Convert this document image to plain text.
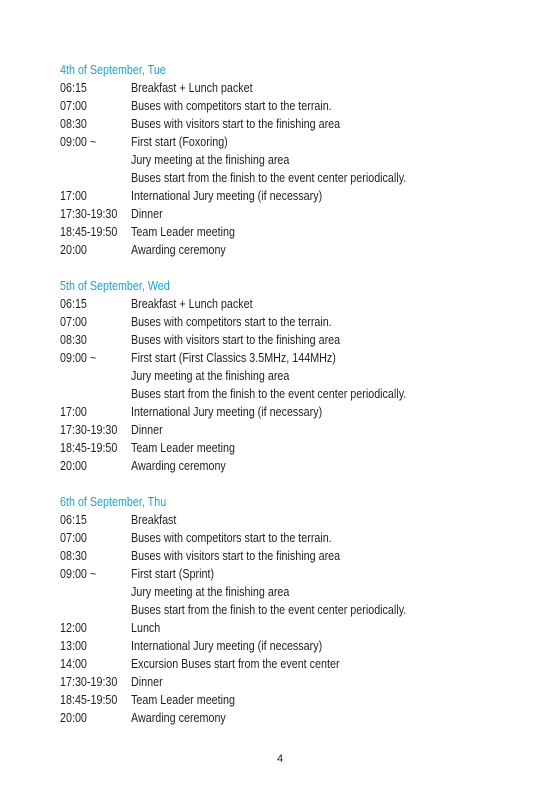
4th of September, Tue
06:15	Breakfast + Lunch packet
07:00	Buses with competitors start to the terrain.
08:30	Buses with visitors start to the finishing area
09:00 ~	First start (Foxoring)
Jury meeting at the finishing area
Buses start from the finish to the event center periodically.
17:00	International Jury meeting (if necessary)
17:30-19:30	Dinner
18:45-19:50	Team Leader meeting
20:00	Awarding ceremony
5th of September, Wed
06:15	Breakfast + Lunch packet
07:00	Buses with competitors start to the terrain.
08:30	Buses with visitors start to the finishing area
09:00 ~	First start (First Classics 3.5MHz, 144MHz)
Jury meeting at the finishing area
Buses start from the finish to the event center periodically.
17:00	International Jury meeting (if necessary)
17:30-19:30	Dinner
18:45-19:50	Team Leader meeting
20:00	Awarding ceremony
6th of September, Thu
06:15	Breakfast
07:00	Buses with competitors start to the terrain.
08:30	Buses with visitors start to the finishing area
09:00 ~	First start (Sprint)
Jury meeting at the finishing area
Buses start from the finish to the event center periodically.
12:00	Lunch
13:00	International Jury meeting (if necessary)
14:00	Excursion Buses start from the event center
17:30-19:30	Dinner
18:45-19:50	Team Leader meeting
20:00	Awarding ceremony
4
